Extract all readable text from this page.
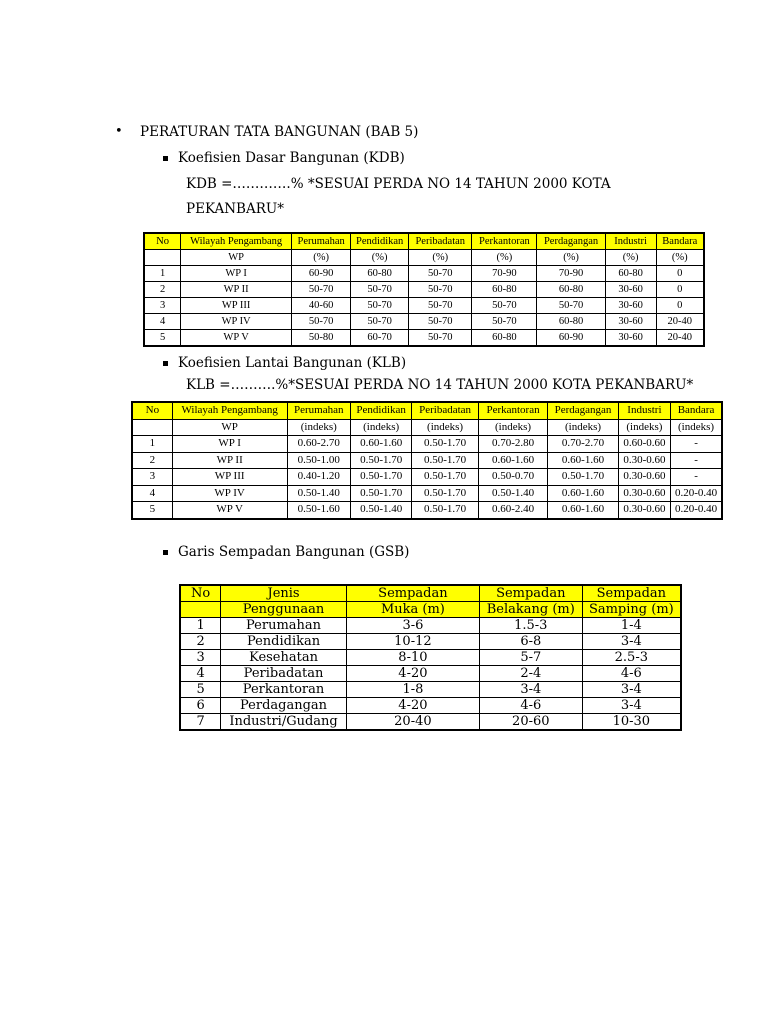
• PERATURAN TATA BANGUNAN (BAB 5)
Koefisien Dasar Bangunan (KDB)
KDB =………….% *SESUAI PERDA NO 14 TAHUN 2000 KOTA
PEKANBARU*
No	Wilayah Pengambang	Perumahan	Pendidikan	Peribadatan	Perkantoran	Perdagangan	Industri	Bandara
	WP	(%)	(%)	(%)	(%)	(%)	(%)	(%)
1	WP I	60-90	60-80	50-70	70-90	70-90	60-80	0
2	WP II	50-70	50-70	50-70	60-80	60-80	30-60	0
3	WP III	40-60	50-70	50-70	50-70	50-70	30-60	0
4	WP IV	50-70	50-70	50-70	50-70	60-80	30-60	20-40
5	WP V	50-80	60-70	50-70	60-80	60-90	30-60	20-40
Koefisien Lantai Bangunan (KLB)
KLB =……….%*SESUAI PERDA NO 14 TAHUN 2000 KOTA PEKANBARU*
No	Wilayah Pengambang	Perumahan	Pendidikan	Peribadatan	Perkantoran	Perdagangan	Industri	Bandara
	WP	(indeks)	(indeks)	(indeks)	(indeks)	(indeks)	(indeks)	(indeks)
1	WP I	0.60-2.70	0.60-1.60	0.50-1.70	0.70-2.80	0.70-2.70	0.60-0.60	-
2	WP II	0.50-1.00	0.50-1.70	0.50-1.70	0.60-1.60	0.60-1.60	0.30-0.60	-
3	WP III	0.40-1.20	0.50-1.70	0.50-1.70	0.50-0.70	0.50-1.70	0.30-0.60	-
4	WP IV	0.50-1.40	0.50-1.70	0.50-1.70	0.50-1.40	0.60-1.60	0.30-0.60	0.20-0.40
5	WP V	0.50-1.60	0.50-1.40	0.50-1.70	0.60-2.40	0.60-1.60	0.30-0.60	0.20-0.40
Garis Sempadan Bangunan (GSB)
No	Jenis	Sempadan	Sempadan	Sempadan
	Penggunaan	Muka (m)	Belakang (m)	Samping (m)
1	Perumahan	3-6	1.5-3	1-4
2	Pendidikan	10-12	6-8	3-4
3	Kesehatan	8-10	5-7	2.5-3
4	Peribadatan	4-20	2-4	4-6
5	Perkantoran	1-8	3-4	3-4
6	Perdagangan	4-20	4-6	3-4
7	Industri/Gudang	20-40	20-60	10-30
